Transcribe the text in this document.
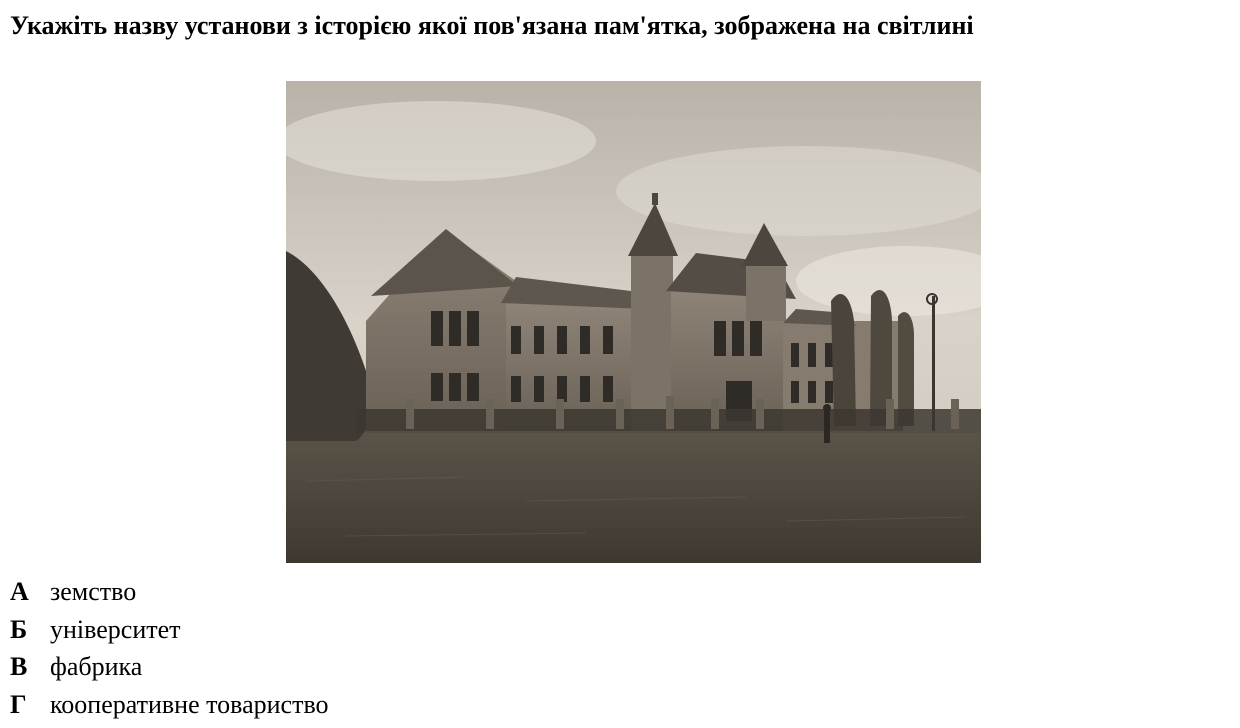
Укажіть назву установи з історією якої пов'язана пам'ятка, зображена на світлині
А земство
Б університет
В фабрика
Г кооперативне товариство
